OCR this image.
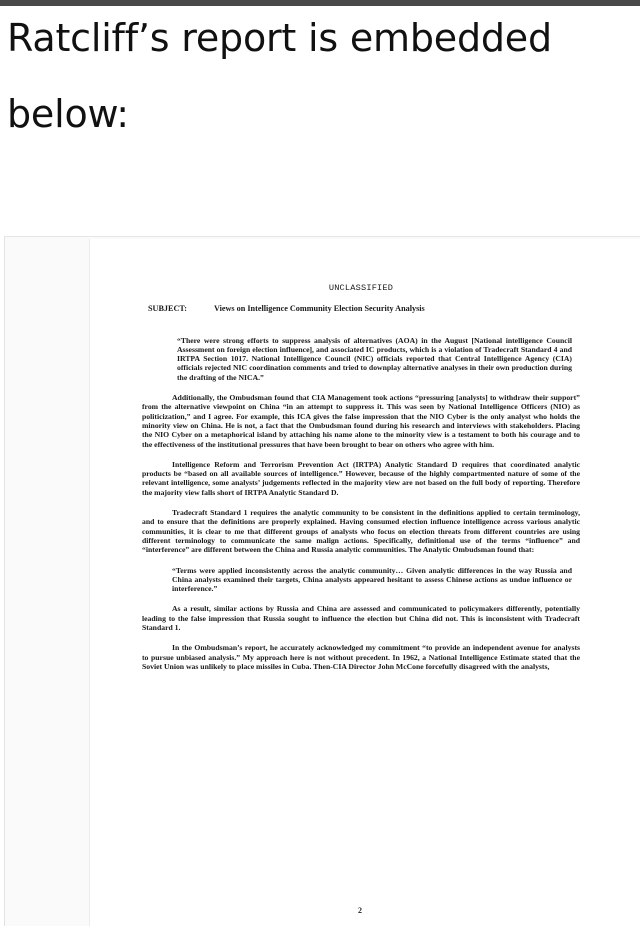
Ratcliff’s report is embedded
below:
UNCLASSIFIED
SUBJECT:	Views on Intelligence Community Election Security Analysis

“There were strong efforts to suppress analysis of alternatives (AOA) in the August [National intelligence Council Assessment on foreign election influence], and associated IC products, which is a violation of Tradecraft Standard 4 and IRTPA Section 1017. National Intelligence Council (NIC) officials reported that Central Intelligence Agency (CIA) officials rejected NIC coordination comments and tried to downplay alternative analyses in their own production during the drafting of the NICA.”

Additionally, the Ombudsman found that CIA Management took actions “pressuring [analysts] to withdraw their support” from the alternative viewpoint on China “in an attempt to suppress it. This was seen by National Intelligence Officers (NIO) as politicization,” and I agree. For example, this ICA gives the false impression that the NIO Cyber is the only analyst who holds the minority view on China. He is not, a fact that the Ombudsman found during his research and interviews with stakeholders. Placing the NIO Cyber on a metaphorical island by attaching his name alone to the minority view is a testament to both his courage and to the effectiveness of the institutional pressures that have been brought to bear on others who agree with him.

Intelligence Reform and Terrorism Prevention Act (IRTPA) Analytic Standard D requires that coordinated analytic products be “based on all available sources of intelligence.” However, because of the highly compartmented nature of some of the relevant intelligence, some analysts’ judgements reflected in the majority view are not based on the full body of reporting. Therefore the majority view falls short of IRTPA Analytic Standard D.

Tradecraft Standard 1 requires the analytic community to be consistent in the definitions applied to certain terminology, and to ensure that the definitions are properly explained. Having consumed election influence intelligence across various analytic communities, it is clear to me that different groups of analysts who focus on election threats from different countries are using different terminology to communicate the same malign actions. Specifically, definitional use of the terms “influence” and “interference” are different between the China and Russia analytic communities. The Analytic Ombudsman found that:

“Terms were applied inconsistently across the analytic community… Given analytic differences in the way Russia and China analysts examined their targets, China analysts appeared hesitant to assess Chinese actions as undue influence or interference.”

As a result, similar actions by Russia and China are assessed and communicated to policymakers differently, potentially leading to the false impression that Russia sought to influence the election but China did not. This is inconsistent with Tradecraft Standard 1.

In the Ombudsman’s report, he accurately acknowledged my commitment “to provide an independent avenue for analysts to pursue unbiased analysis.” My approach here is not without precedent. In 1962, a National Intelligence Estimate stated that the Soviet Union was unlikely to place missiles in Cuba. Then-CIA Director John McCone forcefully disagreed with the analysts,

2
